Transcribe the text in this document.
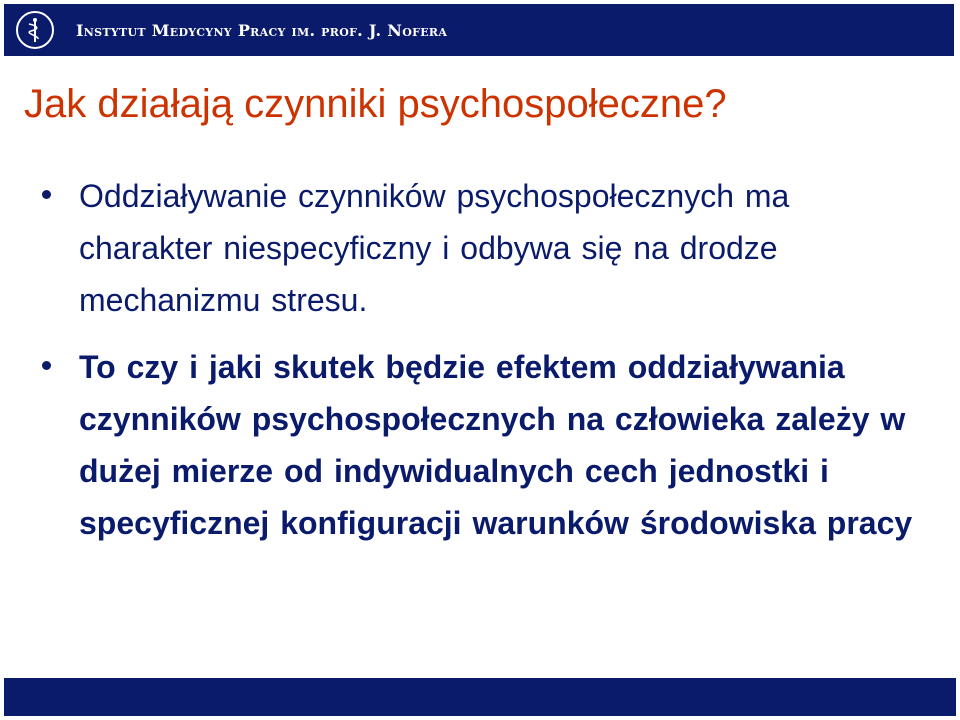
Instytut Medycyny Pracy im. prof. J. Nofera
Jak działają czynniki psychospołeczne?
Oddziaływanie czynników psychospołecznych ma charakter niespecyficzny i odbywa się na drodze mechanizmu stresu.
To czy i jaki skutek będzie efektem oddziaływania czynników psychospołecznych na człowieka zależy w dużej mierze od indywidualnych cech jednostki i specyficznej konfiguracji warunków środowiska pracy
